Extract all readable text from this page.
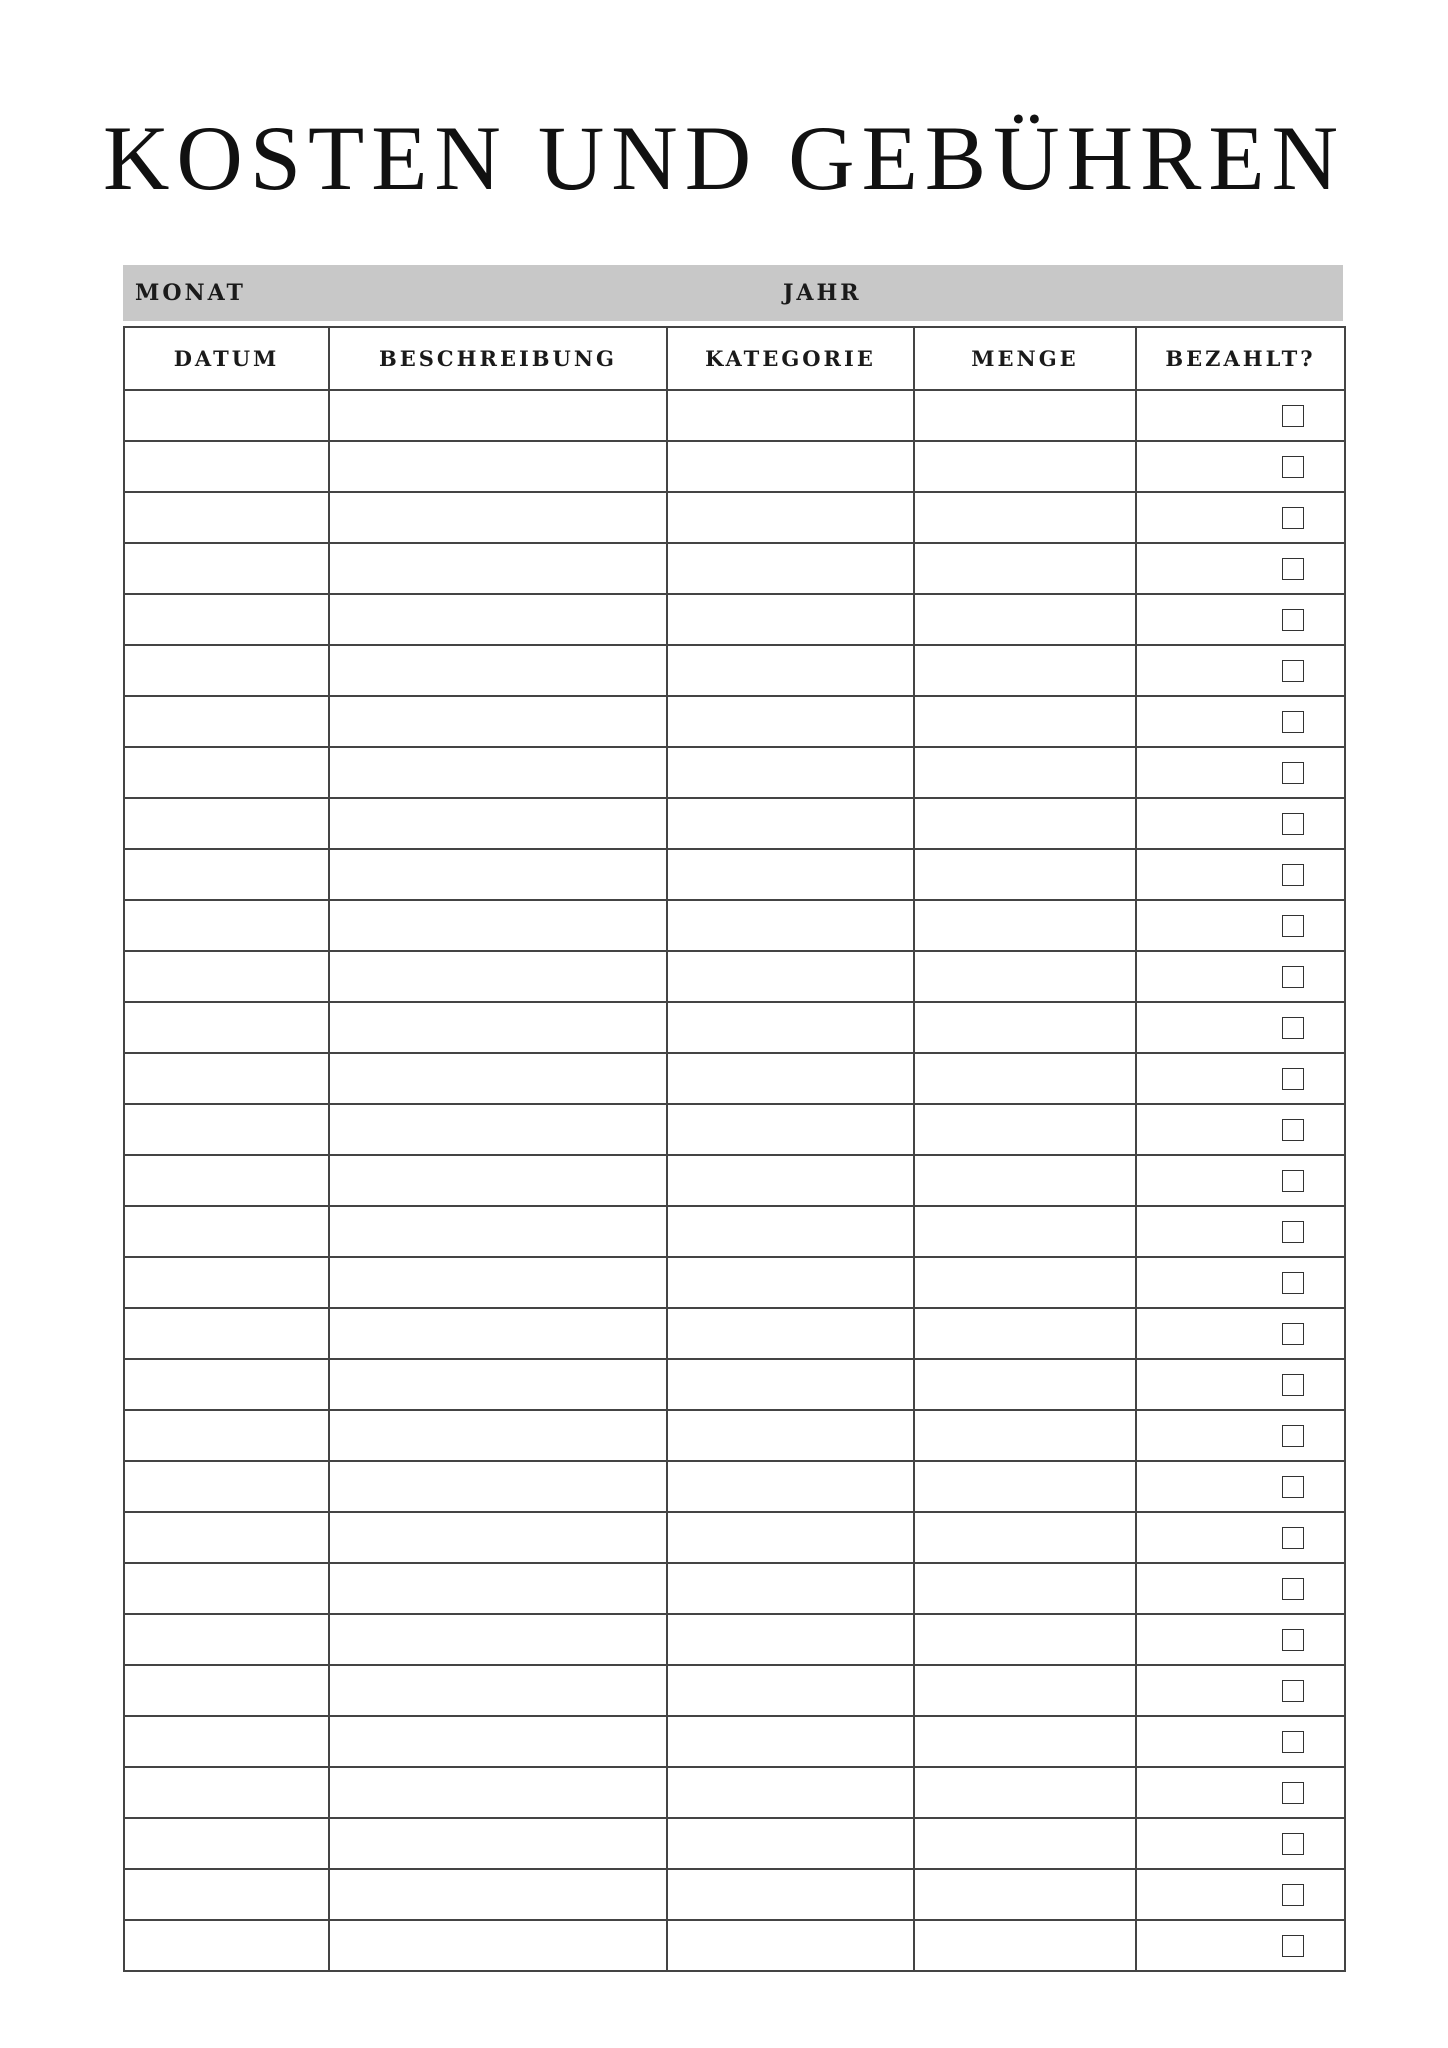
KOSTEN UND GEBÜHREN
MONAT	JAHR
DATUM	BESCHREIBUNG	KATEGORIE	MENGE	BEZAHLT?
